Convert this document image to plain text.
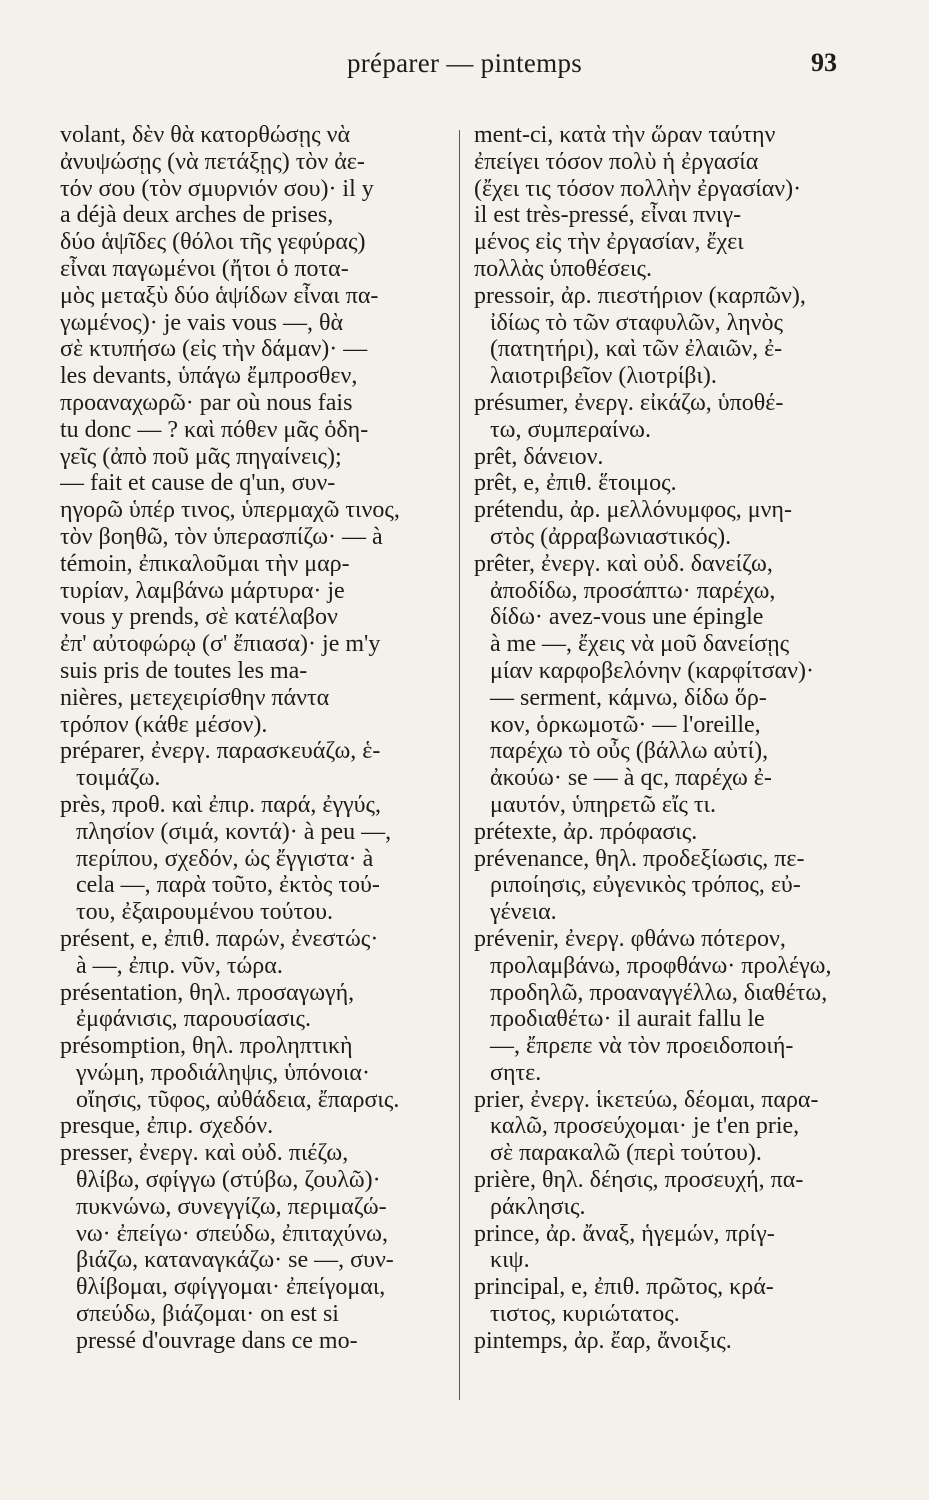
préparer — pintemps	93
volant, δὲν θὰ κατορθώσῃς νὰ
ἀνυψώσῃς (νὰ πετάξῃς) τὸν ἀε-
τόν σου (τὸν σμυρνιόν σου)· il y
a déjà deux arches de prises,
δύο ἁψῖδες (θόλοι τῆς γεφύρας)
εἶναι παγωμένοι (ἤτοι ὁ ποτα-
μὸς μεταξὺ δύο ἁψίδων εἶναι πα-
γωμένος)· je vais vous —, θὰ
σὲ κτυπήσω (εἰς τὴν δάμαν)· —
les devants, ὑπάγω ἔμπροσθεν,
προαναχωρῶ· par où nous fais
tu donc — ? καὶ πόθεν μᾶς ὁδη-
γεῖς (ἀπὸ ποῦ μᾶς πηγαίνεις);
— fait et cause de q'un, συν-
ηγορῶ ὑπέρ τινος, ὑπερμαχῶ τινος,
τὸν βοηθῶ, τὸν ὑπερασπίζω· — à
témoin, ἐπικαλοῦμαι τὴν μαρ-
τυρίαν, λαμβάνω μάρτυρα· je
vous y prends, σὲ κατέλαβον
ἐπ' αὐτοφώρῳ (σ' ἔπιασα)· je m'y
suis pris de toutes les ma-
nières, μετεχειρίσθην πάντα
τρόπον (κάθε μέσον).
préparer, ἐνεργ. παρασκευάζω, ἑ-
τοιμάζω.
près, προθ. καὶ ἐπιρ. παρά, ἐγγύς,
πλησίον (σιμά, κοντά)· à peu —,
περίπου, σχεδόν, ὡς ἔγγιστα· à
cela —, παρὰ τοῦτο, ἐκτὸς τού-
του, ἐξαιρουμένου τούτου.
présent, e, ἐπιθ. παρών, ἐνεστώς·
à —, ἐπιρ. νῦν, τώρα.
présentation, θηλ. προσαγωγή,
ἐμφάνισις, παρουσίασις.
présomption, θηλ. προληπτικὴ
γνώμη, προδιάληψις, ὑπόνοια·
οἴησις, τῦφος, αὐθάδεια, ἔπαρσις.
presque, ἐπιρ. σχεδόν.
presser, ἐνεργ. καὶ οὐδ. πιέζω,
θλίβω, σφίγγω (στύβω, ζουλῶ)·
πυκνώνω, συνεγγίζω, περιμαζώ-
νω· ἐπείγω· σπεύδω, ἐπιταχύνω,
βιάζω, καταναγκάζω· se —, συν-
θλίβομαι, σφίγγομαι· ἐπείγομαι,
σπεύδω, βιάζομαι· on est si
pressé d'ouvrage dans ce mo-
ment-ci, κατὰ τὴν ὥραν ταύτην
ἐπείγει τόσον πολὺ ἡ ἐργασία
(ἔχει τις τόσον πολλὴν ἐργασίαν)·
il est très-pressé, εἶναι πνιγ-
μένος εἰς τὴν ἐργασίαν, ἔχει
πολλὰς ὑποθέσεις.
pressoir, ἀρ. πιεστήριον (καρπῶν),
ἰδίως τὸ τῶν σταφυλῶν, ληνὸς
(πατητήρι), καὶ τῶν ἐλαιῶν, ἐ-
λαιοτριβεῖον (λιοτρίβι).
présumer, ἐνεργ. εἰκάζω, ὑποθέ-
τω, συμπεραίνω.
prêt, δάνειον.
prêt, e, ἐπιθ. ἕτοιμος.
prétendu, ἀρ. μελλόνυμφος, μνη-
στὸς (ἀρραβωνιαστικός).
prêter, ἐνεργ. καὶ οὐδ. δανείζω,
ἀποδίδω, προσάπτω· παρέχω,
δίδω· avez-vous une épingle
à me —, ἔχεις νὰ μοῦ δανείσῃς
μίαν καρφοβελόνην (καρφίτσαν)·
— serment, κάμνω, δίδω ὅρ-
κον, ὁρκωμοτῶ· — l'oreille,
παρέχω τὸ οὖς (βάλλω αὐτί),
ἀκούω· se — à qc, παρέχω ἐ-
μαυτόν, ὑπηρετῶ εἴς τι.
prétexte, ἀρ. πρόφασις.
prévenance, θηλ. προδεξίωσις, πε-
ριποίησις, εὐγενικὸς τρόπος, εὐ-
γένεια.
prévenir, ἐνεργ. φθάνω πότερον,
προλαμβάνω, προφθάνω· προλέγω,
προδηλῶ, προαναγγέλλω, διαθέτω,
προδιαθέτω· il aurait fallu le
—, ἔπρεπε νὰ τὸν προειδοποιή-
σητε.
prier, ἐνεργ. ἱκετεύω, δέομαι, παρα-
καλῶ, προσεύχομαι· je t'en prie,
σὲ παρακαλῶ (περὶ τούτου).
prière, θηλ. δέησις, προσευχή, πα-
ράκλησις.
prince, ἀρ. ἄναξ, ἡγεμών, πρίγ-
κιψ.
principal, e, ἐπιθ. πρῶτος, κρά-
τιστος, κυριώτατος.
pintemps, ἀρ. ἔαρ, ἄνοιξις.
